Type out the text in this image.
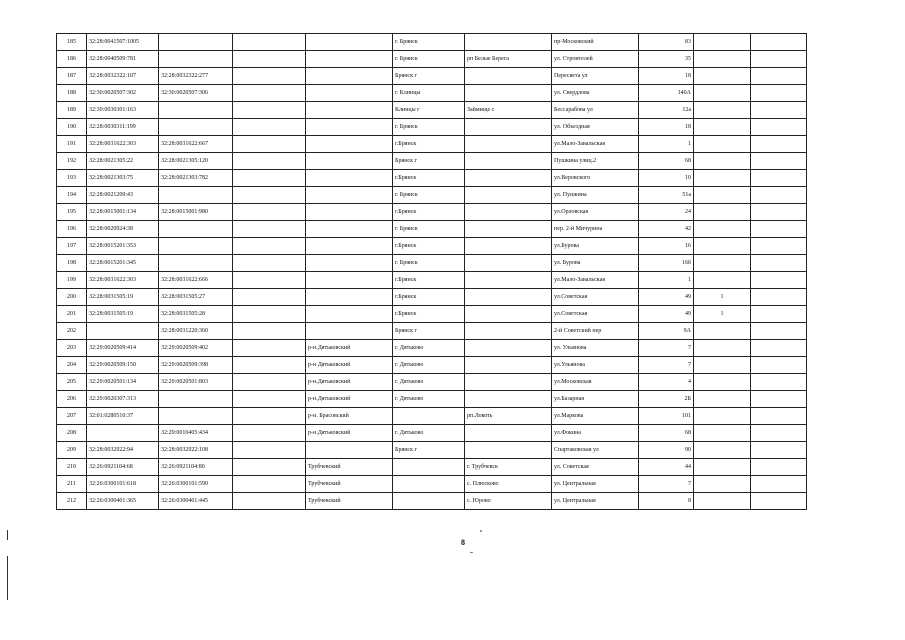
185	32:28:0041507:1005				г. Брянск		пр-Московский	83		
186	32:28:0040509:781				г. Брянск	рп Белые Берега	ул. Строителей	35		
187	32:28:0032322:107	32:28:0032322:277			Брянск г		Пересвета ул	18		
188	32:30:0020507:302	32:30:0020507:306			г. Клинцы		ул. Свердлова	140А		
189	32:30:0030301:163				Клинцы г	Займище с	Бессарабова ул	12а		
190	32:28:0030311:199				г. Брянск		ул. Объездная	18		
191	32:28:0031622:303	32:28:0031622:667			г.Брянск		ул.Мало-Завальская	1		
192	32:28:0021305:22	32:28:0021305:120			Брянск г		Пушкина улиц.2	68		
193	32:28:0021303:75	32:28:0021303:782			г.Брянск		ул.Веровского	10		
194	32:28:0021209:43				г. Брянск		ул. Пушкина	51а		
195	32:28:0015001:134	32:28:0015001:980			г.Брянск		ул.Орловская	24		
196	32:28:0020924:38				г. Брянск		пер. 2-й Мичурина	42		
197	32:28:0015201:353				г.Брянск		ул.Бурова	16		
198	32:28:0015201:345				г. Брянск		ул. Бурова	16б		
199	32:28:0031622:303	32:28:0031622:666			г.Брянск		ул.Мало-Завальская	1		
200	32:28:0031505:19	32:28:0031505:27			г.Брянск		ул.Советская	49	1	
201	32:28:0031505:19	32:28:0031505:28			г.Брянск		ул.Советская	49	1	
202		32:28:0031220:360			Брянск г		2-й Советский пер	9А		
203	32:29:0020509:414	32:29:0020509:402		р-н.Дятьковский	г. Дятьково		ул. Ульянова	7		
204	32:29:0020509:150	32:29:0020509:398		р-н Дятьковский	г. Дятьково		ул.Ульянова	7		
205	32:29:0020501:134	32:29:0020501:803		р-н.Дятьковский	г. Дятьково		ул.Московская	4		
206	32:29:0020307:313			р-н.Дятьковский	г. Дятьково		ул.Базарная	2Б		
207	32:01:0280510:37			р-н. Брасовский		рп.Локоть	ул.Маркова	101		
208		32:29:0010405:434		р-н.Дятьковский	г. Дятьково		ул.Фокина	68		
209	32:28:0032922:94	32:28:0032922:108			Брянск г		Спартаковская ул	90		
210	32:26:0921104:68	32:26:0921104:80		Трубчевский		г. Трубчевск	ул. Советская	44		
211	32:26:0300101:618	32:26:0300101:590		Трубчевский		с. Плюсково	ул. Центральная	7		
212	32:26:0300401:365	32:26:0300401:445		Трубчевский		с. Юрово	ул. Центральная	8		
8
